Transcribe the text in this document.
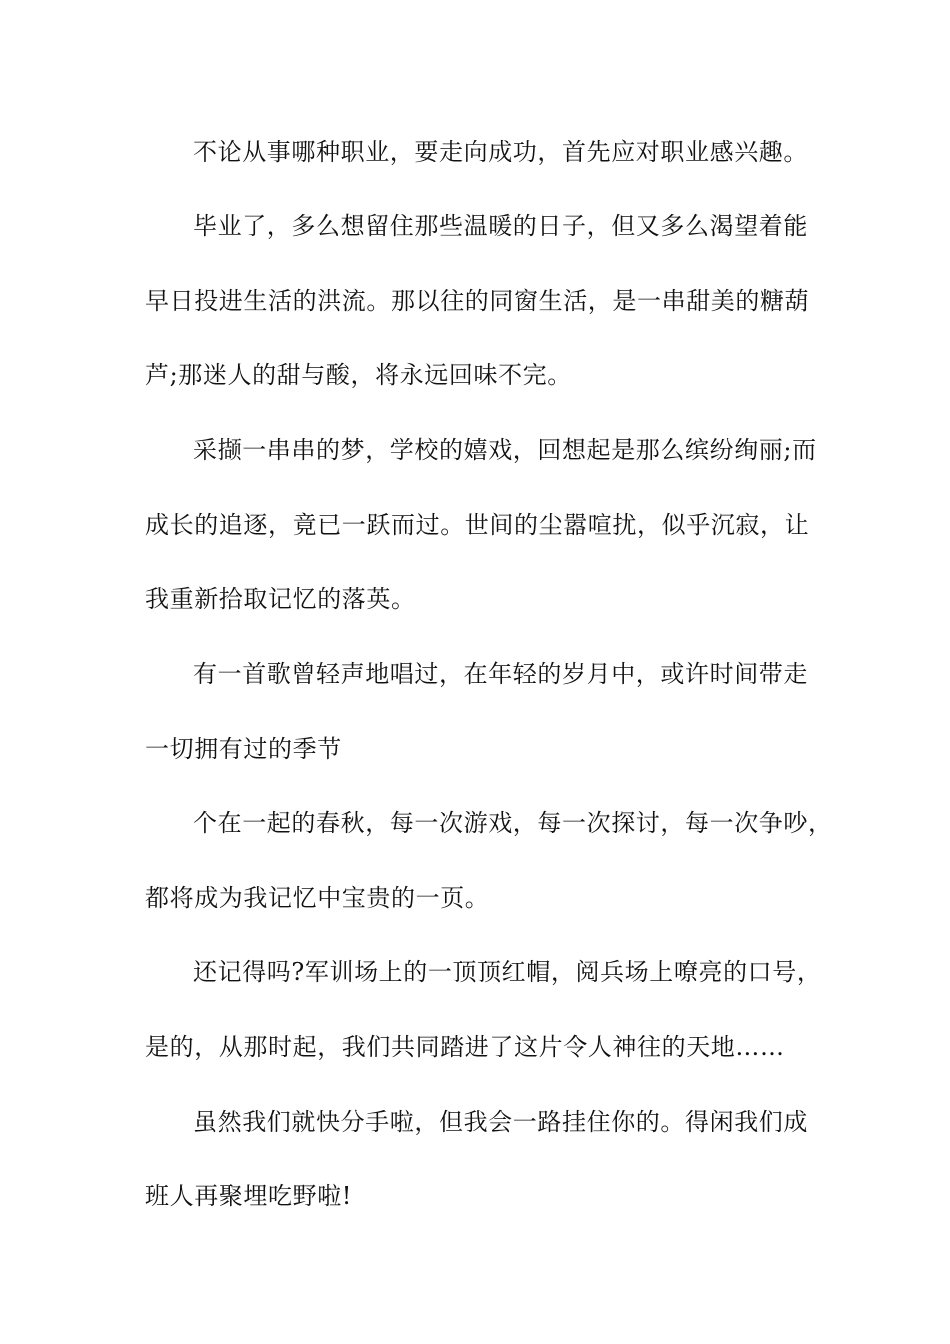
不论从事哪种职业，要走向成功，首先应对职业感兴趣。
毕业了，多么想留住那些温暖的日子，但又多么渴望着能
早日投进生活的洪流。那以往的同窗生活，是一串甜美的糖葫
芦;那迷人的甜与酸，将永远回味不完。
采撷一串串的梦，学校的嬉戏，回想起是那么缤纷绚丽;而
成长的追逐，竟已一跃而过。世间的尘嚣喧扰，似乎沉寂，让
我重新拾取记忆的落英。
有一首歌曾轻声地唱过，在年轻的岁月中，或许时间带走
一切拥有过的季节
个在一起的春秋，每一次游戏，每一次探讨，每一次争吵，
都将成为我记忆中宝贵的一页。
还记得吗?军训场上的一顶顶红帽，阅兵场上嘹亮的口号，
是的，从那时起，我们共同踏进了这片令人神往的天地……
虽然我们就快分手啦，但我会一路挂住你的。得闲我们成
班人再聚埋吃野啦!
